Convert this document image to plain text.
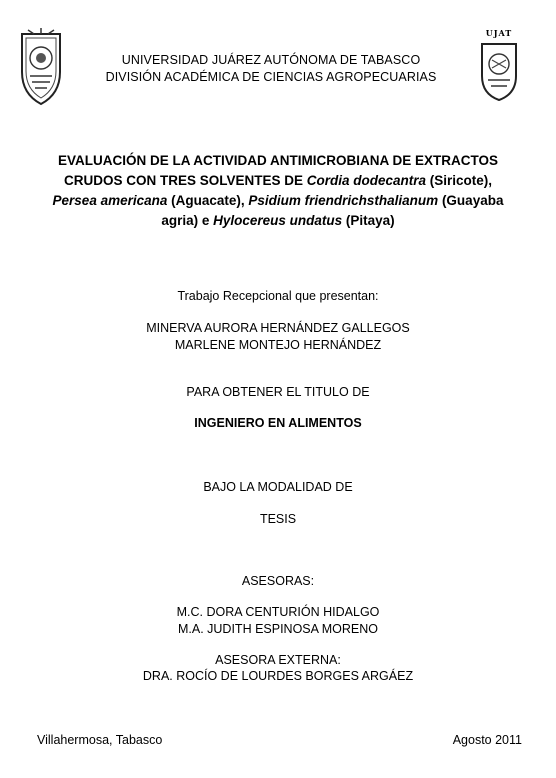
UJAT
UNIVERSIDAD JUÁREZ AUTÓNOMA DE TABASCO
DIVISIÓN ACADÉMICA DE CIENCIAS AGROPECUARIAS
EVALUACIÓN DE LA ACTIVIDAD ANTIMICROBIANA DE EXTRACTOS CRUDOS CON TRES SOLVENTES DE Cordia dodecantra (Siricote), Persea americana (Aguacate), Psidium friendrichsthalianum (Guayaba agria) e Hylocereus undatus (Pitaya)
Trabajo Recepcional que presentan:
MINERVA AURORA HERNÁNDEZ GALLEGOS
MARLENE MONTEJO HERNÁNDEZ
PARA OBTENER EL TITULO DE
INGENIERO EN ALIMENTOS
BAJO LA MODALIDAD DE
TESIS
ASESORAS:
M.C. DORA CENTURIÓN HIDALGO
M.A. JUDITH ESPINOSA MORENO
ASESORA EXTERNA:
DRA. ROCÍO DE LOURDES BORGES ARGÁEZ
Villahermosa, Tabasco	Agosto 2011
